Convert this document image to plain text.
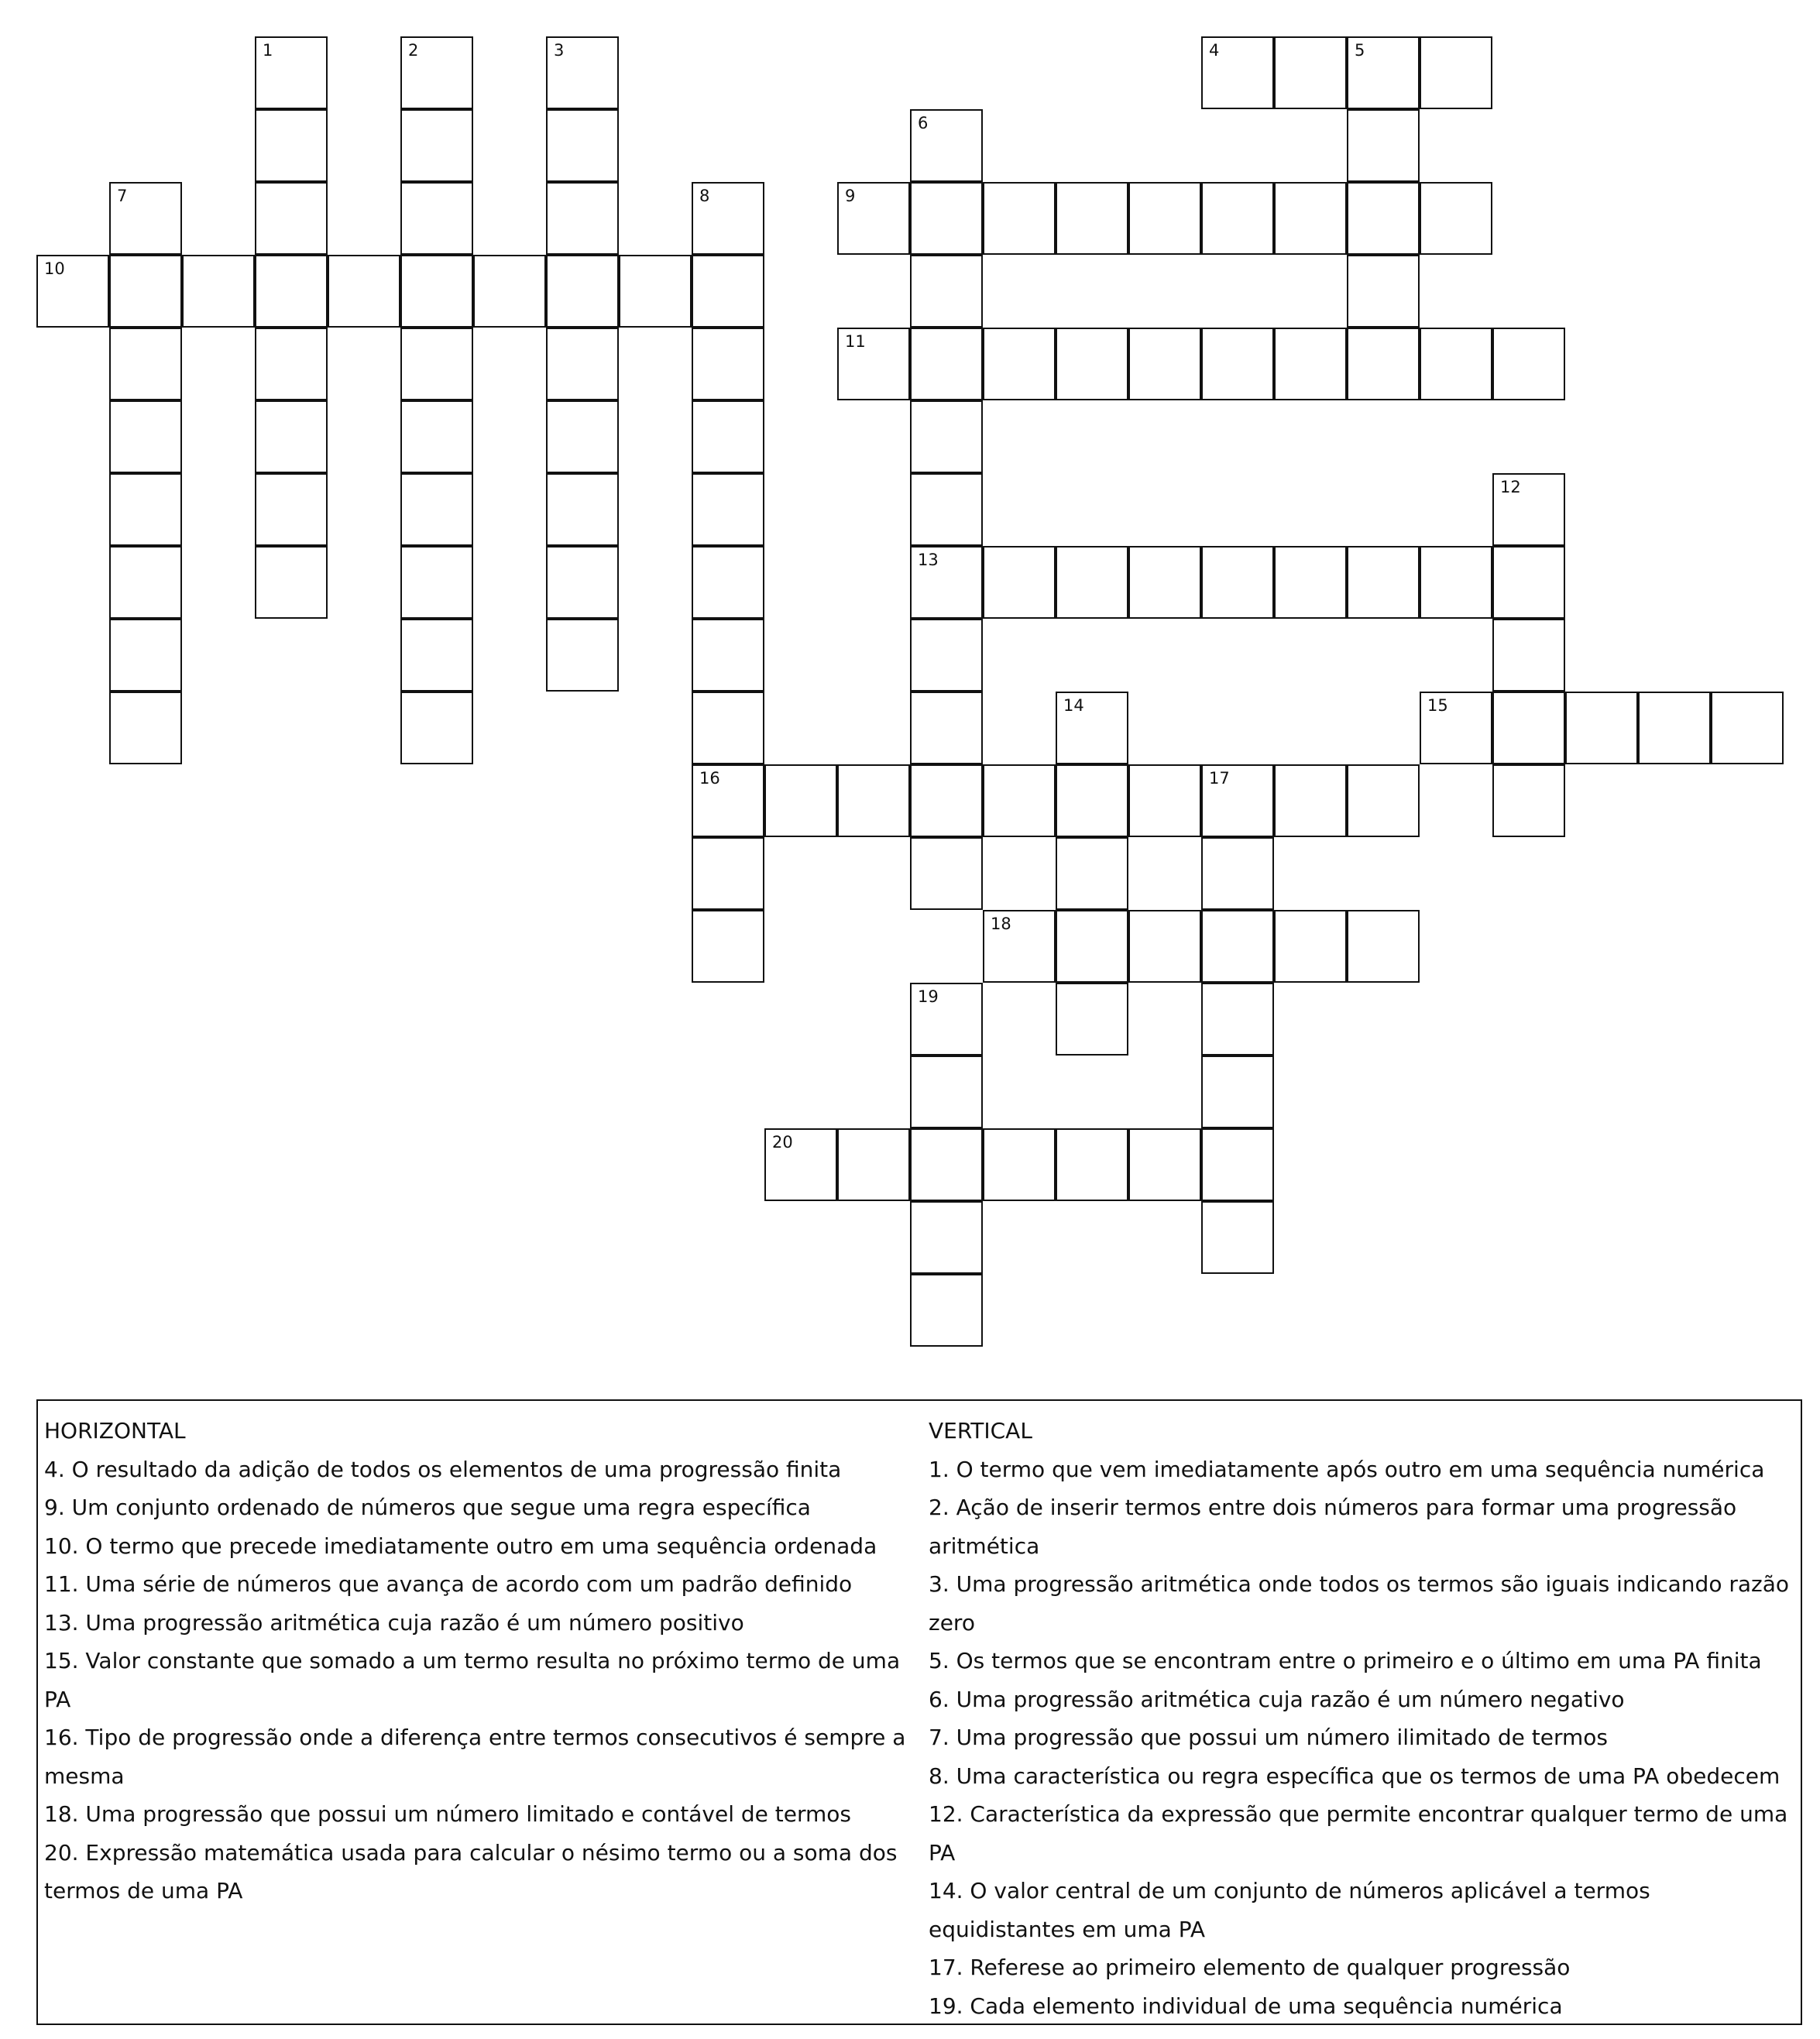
1	2	3	4	5
6
13
7	8
16
9
10
11
12
14	15
17
18
19
20
HORIZONTAL
4. O resultado da adição de todos os elementos de uma progressão finita
9. Um conjunto ordenado de números que segue uma regra específica
10. O termo que precede imediatamente outro em uma sequência ordenada
11. Uma série de números que avança de acordo com um padrão definido
13. Uma progressão aritmética cuja razão é um número positivo
15. Valor constante que somado a um termo resulta no próximo termo de uma PA
16. Tipo de progressão onde a diferença entre termos consecutivos é sempre a mesma
18. Uma progressão que possui um número limitado e contável de termos
20. Expressão matemática usada para calcular o nésimo termo ou a soma dos termos de uma PA
VERTICAL
1. O termo que vem imediatamente após outro em uma sequência numérica
2. Ação de inserir termos entre dois números para formar uma progressão aritmética
3. Uma progressão aritmética onde todos os termos são iguais indicando razão zero
5. Os termos que se encontram entre o primeiro e o último em uma PA finita
6. Uma progressão aritmética cuja razão é um número negativo
7. Uma progressão que possui um número ilimitado de termos
8. Uma característica ou regra específica que os termos de uma PA obedecem
12. Característica da expressão que permite encontrar qualquer termo de uma PA
14. O valor central de um conjunto de números aplicável a termos equidistantes em uma PA
17. Referese ao primeiro elemento de qualquer progressão
19. Cada elemento individual de uma sequência numérica
